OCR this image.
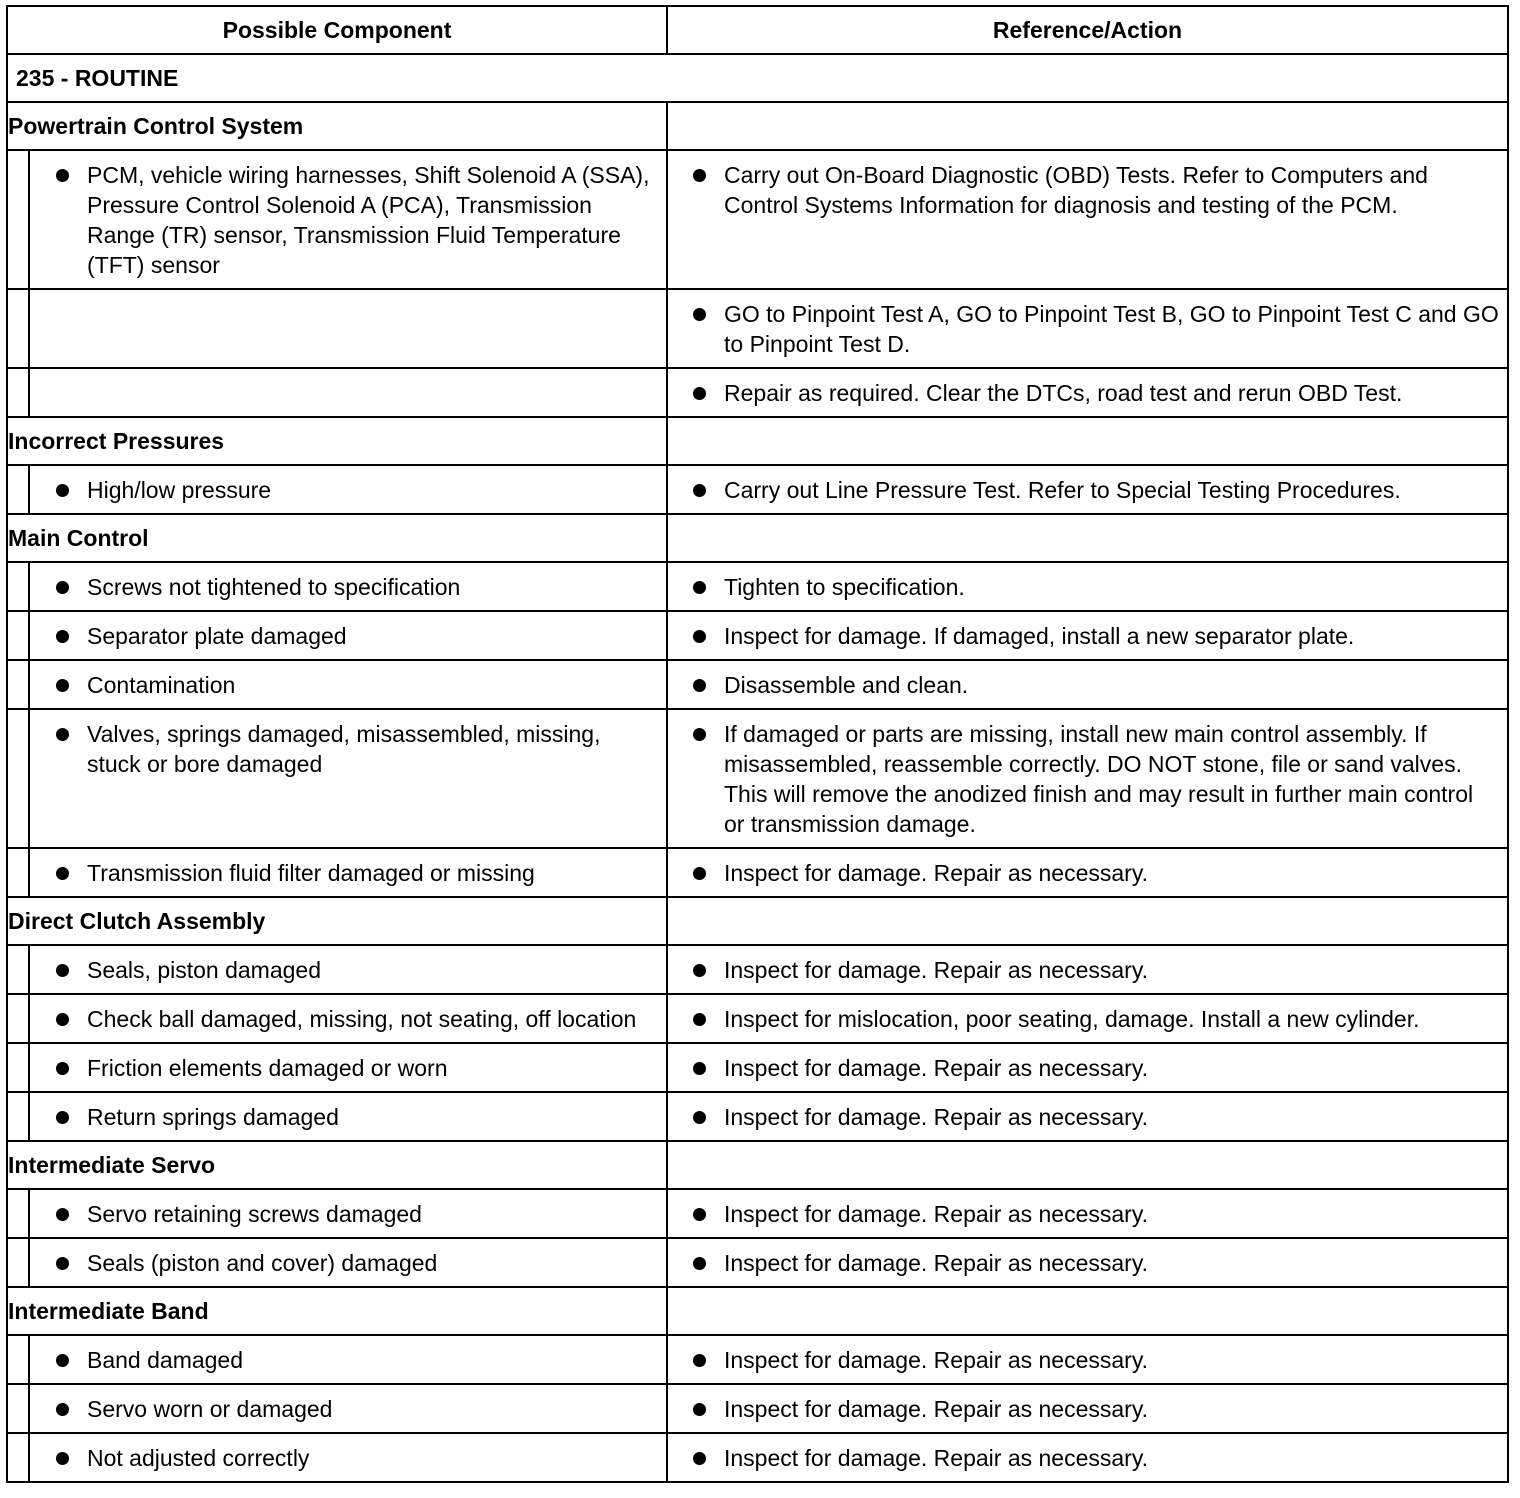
Possible Component		Reference/Action
235 - ROUTINE		
Powertrain Control System		

	PCM, vehicle wiring harnesses, Shift Solenoid A (SSA), Pressure Control Solenoid A (PCA), Transmission Range (TR) sensor, Transmission Fluid Temperature (TFT) sensor	Carry out On-Board Diagnostic (OBD) Tests. Refer to Computers and Control Systems Information for diagnosis and testing of the PCM.

		GO to Pinpoint Test A, GO to Pinpoint Test B, GO to Pinpoint Test C and GO to Pinpoint Test D.

		Repair as required. Clear the DTCs, road test and rerun OBD Test.

Incorrect Pressures		

	High/low pressure	Carry out Line Pressure Test. Refer to Special Testing Procedures.

Main Control		

	Screws not tightened to specification	Tighten to specification.

	Separator plate damaged	Inspect for damage. If damaged, install a new separator plate.

	Contamination	Disassemble and clean.

	Valves, springs damaged, misassembled, missing, stuck or bore damaged	If damaged or parts are missing, install new main control assembly. If misassembled, reassemble correctly. DO NOT stone, file or sand valves. This will remove the anodized finish and may result in further main control or transmission damage.

	Transmission fluid filter damaged or missing	Inspect for damage. Repair as necessary.

Direct Clutch Assembly		

	Seals, piston damaged	Inspect for damage. Repair as necessary.

	Check ball damaged, missing, not seating, off location	Inspect for mislocation, poor seating, damage. Install a new cylinder.

	Friction elements damaged or worn	Inspect for damage. Repair as necessary.

	Return springs damaged	Inspect for damage. Repair as necessary.

Intermediate Servo		

	Servo retaining screws damaged	Inspect for damage. Repair as necessary.

	Seals (piston and cover) damaged	Inspect for damage. Repair as necessary.

Intermediate Band		

	Band damaged	Inspect for damage. Repair as necessary.

	Servo worn or damaged	Inspect for damage. Repair as necessary.

	Not adjusted correctly	Inspect for damage. Repair as necessary.
